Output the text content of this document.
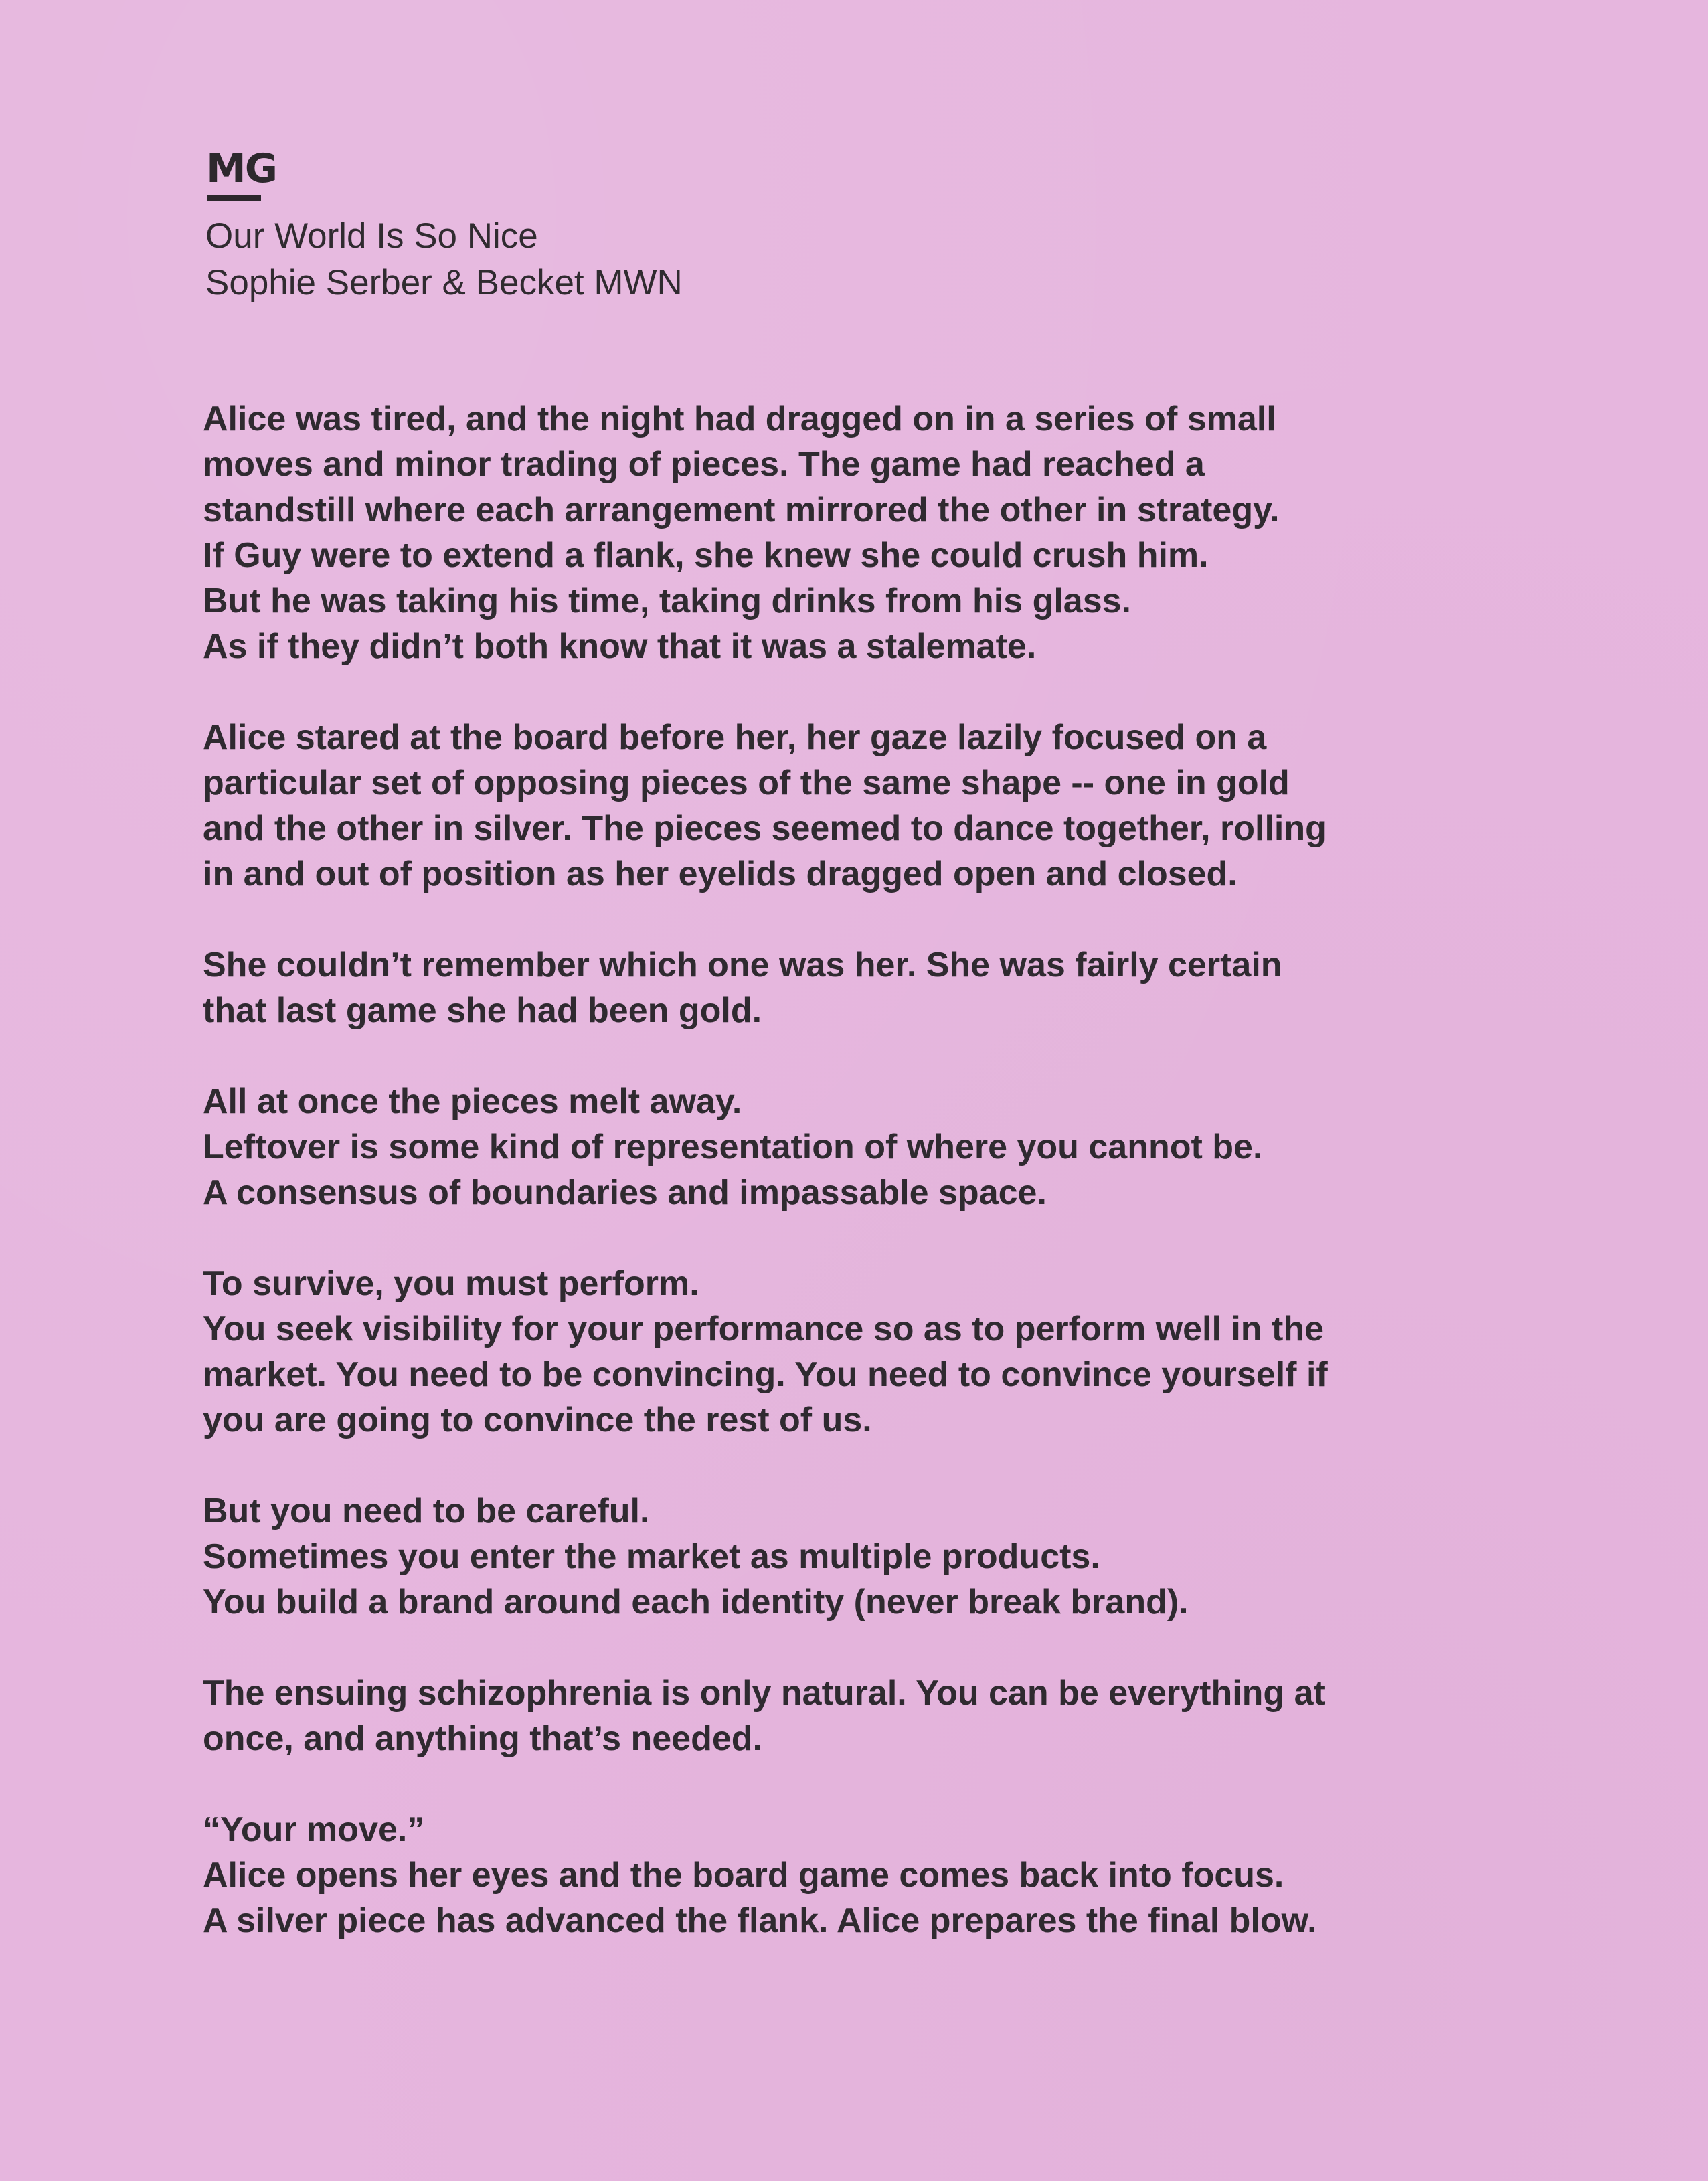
MG
Our World Is So Nice
Sophie Serber & Becket MWN
Alice was tired, and the night had dragged on in a series of small
moves and minor trading of pieces. The game had reached a
standstill where each arrangement mirrored the other in strategy.
If Guy were to extend a flank, she knew she could crush him.
But he was taking his time, taking drinks from his glass.
As if they didn’t both know that it was a stalemate.
Alice stared at the board before her, her gaze lazily focused on a
particular set of opposing pieces of the same shape -- one in gold
and the other in silver. The pieces seemed to dance together, rolling
in and out of position as her eyelids dragged open and closed.
She couldn’t remember which one was her. She was fairly certain
that last game she had been gold.
All at once the pieces melt away.
Leftover is some kind of representation of where you cannot be.
A consensus of boundaries and impassable space.
To survive, you must perform.
You seek visibility for your performance so as to perform well in the
market. You need to be convincing. You need to convince yourself if
you are going to convince the rest of us.
But you need to be careful.
Sometimes you enter the market as multiple products.
You build a brand around each identity (never break brand).
The ensuing schizophrenia is only natural. You can be everything at
once, and anything that’s needed.
“Your move.”
Alice opens her eyes and the board game comes back into focus.
A silver piece has advanced the flank. Alice prepares the final blow.
